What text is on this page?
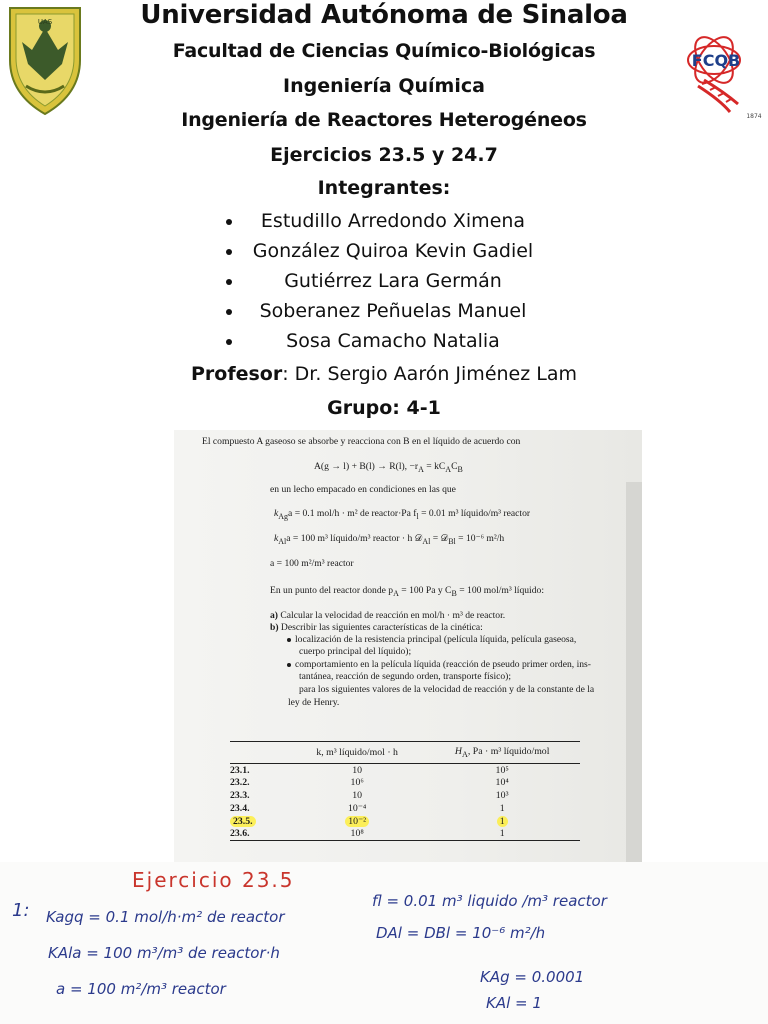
UAS
FCQB
1874
Universidad Autónoma de Sinaloa
Facultad de Ciencias Químico-Biológicas
Ingeniería Química
Ingeniería de Reactores Heterogéneos
Ejercicios 23.5 y 24.7
Integrantes:
Estudillo Arredondo Ximena
González Quiroa Kevin Gadiel
Gutiérrez Lara Germán
Soberanez Peñuelas Manuel
Sosa Camacho Natalia
Profesor: Dr. Sergio Aarón Jiménez Lam
Grupo: 4-1
El compuesto A gaseoso se absorbe y reacciona con B en el líquido de acuerdo con
A(g → l) + B(l) → R(l), $-r_A = kC_AC_B$
en un lecho empacado en condiciones en las que
$k_{Ag}a = 0.1$ mol/h · m² de reactor·Pa $f_l = 0.01$ m³ líquido/m³ reactor
$k_{Al}a = 100$ m³ líquido/m³ reactor · h 𝒟$_{Al}$ = 𝒟$_{Bl}$ = 10⁻⁶ m²/h
a = 100 m²/m³ reactor
En un punto del reactor donde $p_A = 100$ Pa y $C_B = 100$ mol/m³ líquido:
a) Calcular la velocidad de reacción en mol/h · m³ de reactor.
b) Describir las siguientes características de la cinética:
localización de la resistencia principal (película líquida, película gaseosa,
cuerpo principal del líquido);
comportamiento en la película líquida (reacción de pseudo primer orden, ins-
tantánea, reacción de segundo orden, transporte físico);
para los siguientes valores de la velocidad de reacción y de la constante de la
ley de Henry.
	k, m³ líquido/mol · h	$H_A$, Pa · m³ líquido/mol
23.1.	10	10⁵
23.2.	10⁶	10⁴
23.3.	10	10³
23.4.	10⁻⁴	1
23.5.	10⁻²	1
23.6.	10⁸	1
Ejercicio 23.5
1: Kagq = 0.1 mol/h·m² de reactor
KAla = 100 m³/m³ de reactor·h
a = 100 m²/m³ reactor
fl = 0.01 m³ liquido /m³ reactor
DAl = DBl = 10⁻⁶ m²/h
KAg = 0.0001
KAl = 1
